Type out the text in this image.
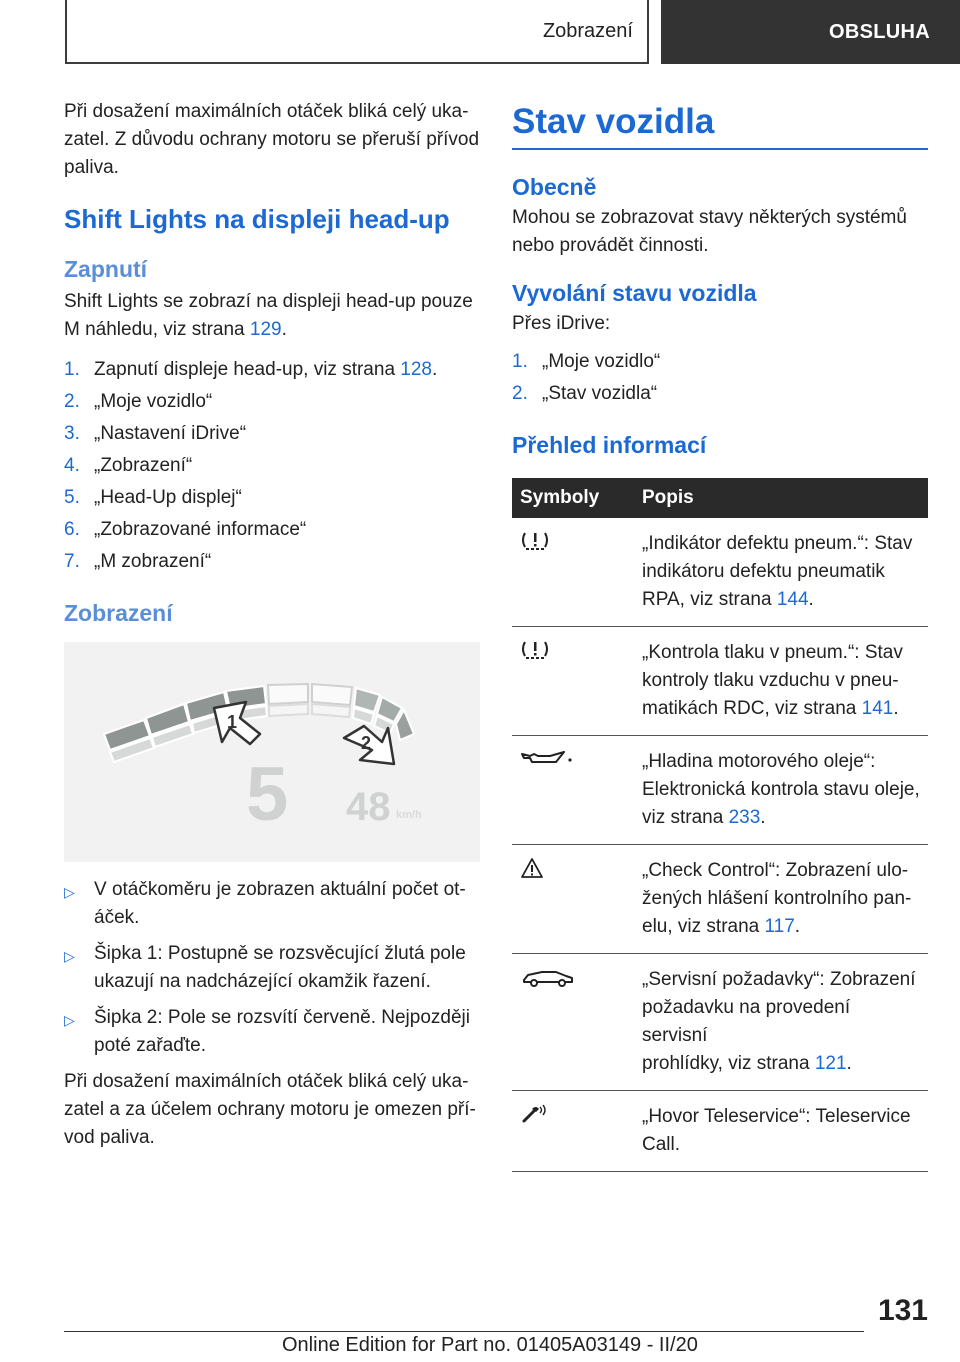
Zobrazení	OBSLUHA

Při dosažení maximálních otáček bliká celý uka-

zatel. Z důvodu ochrany motoru se přeruší přívod

paliva.

Shift Lights na displeji head-up
Zapnutí

Shift Lights se zobrazí na displeji head-up pouze

M náhledu, viz strana 129.

1. Zapnutí displeje head-up, viz strana 128.
2. „Moje vozidlo“
3. „Nastavení iDrive“
4. „Zobrazení“
5. „Head-Up displej“
6. „Zobrazované informace“
7. „M zobrazení“
Zobrazení
1
2
5 48 km/h
▷	V otáčkoměru je zobrazen aktuální počet ot-
áček.
▷	Šipka 1: Postupně se rozsvěcující žlutá pole
ukazují na nadcházející okamžik řazení.
▷	Šipka 2: Pole se rozsvítí červeně. Nejpozději
poté zařaďte.

Při dosažení maximálních otáček bliká celý uka-

zatel a za účelem ochrany motoru je omezen pří-

vod paliva.

Stav vozidla
Obecně

Mohou se zobrazovat stavy některých systémů

nebo provádět činnosti.

Vyvolání stavu vozidla

Přes iDrive:

1. „Moje vozidlo“
2. „Stav vozidla“
Přehled informací
Symboly	Popis

„Indikátor defektu pneum.“: Stav
indikátoru defektu pneumatik
RPA, viz strana 144.

„Kontrola tlaku v pneum.“: Stav
kontroly tlaku vzduchu v pneu-
matikách RDC, viz strana 141.

„Hladina motorového oleje“:
Elektronická kontrola stavu oleje,
viz strana 233.

„Check Control“: Zobrazení ulo-
žených hlášení kontrolního pan-
elu, viz strana 117.

„Servisní požadavky“: Zobrazení
požadavku na provedení servisní
prohlídky, viz strana 121.

„Hovor Teleservice“: Teleservice
Call.
131
Online Edition for Part no. 01405A03149 - II/20
